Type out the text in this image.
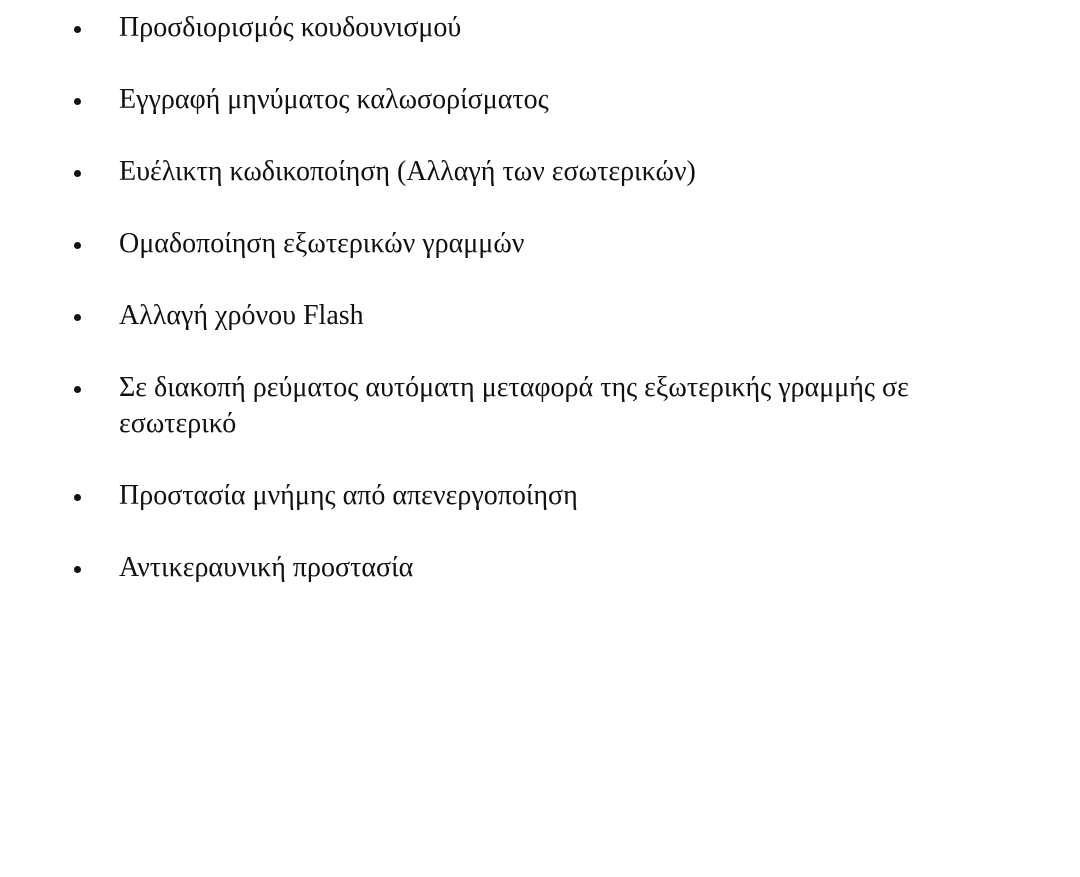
Προσδιορισμός κουδουνισμού
Εγγραφή μηνύματος καλωσορίσματος
Ευέλικτη κωδικοποίηση (Αλλαγή των εσωτερικών)
Ομαδοποίηση εξωτερικών γραμμών
Αλλαγή χρόνου Flash
Σε διακοπή ρεύματος αυτόματη μεταφορά της εξωτερικής γραμμής σε εσωτερικό
Προστασία μνήμης από απενεργοποίηση
Αντικεραυνική προστασία
